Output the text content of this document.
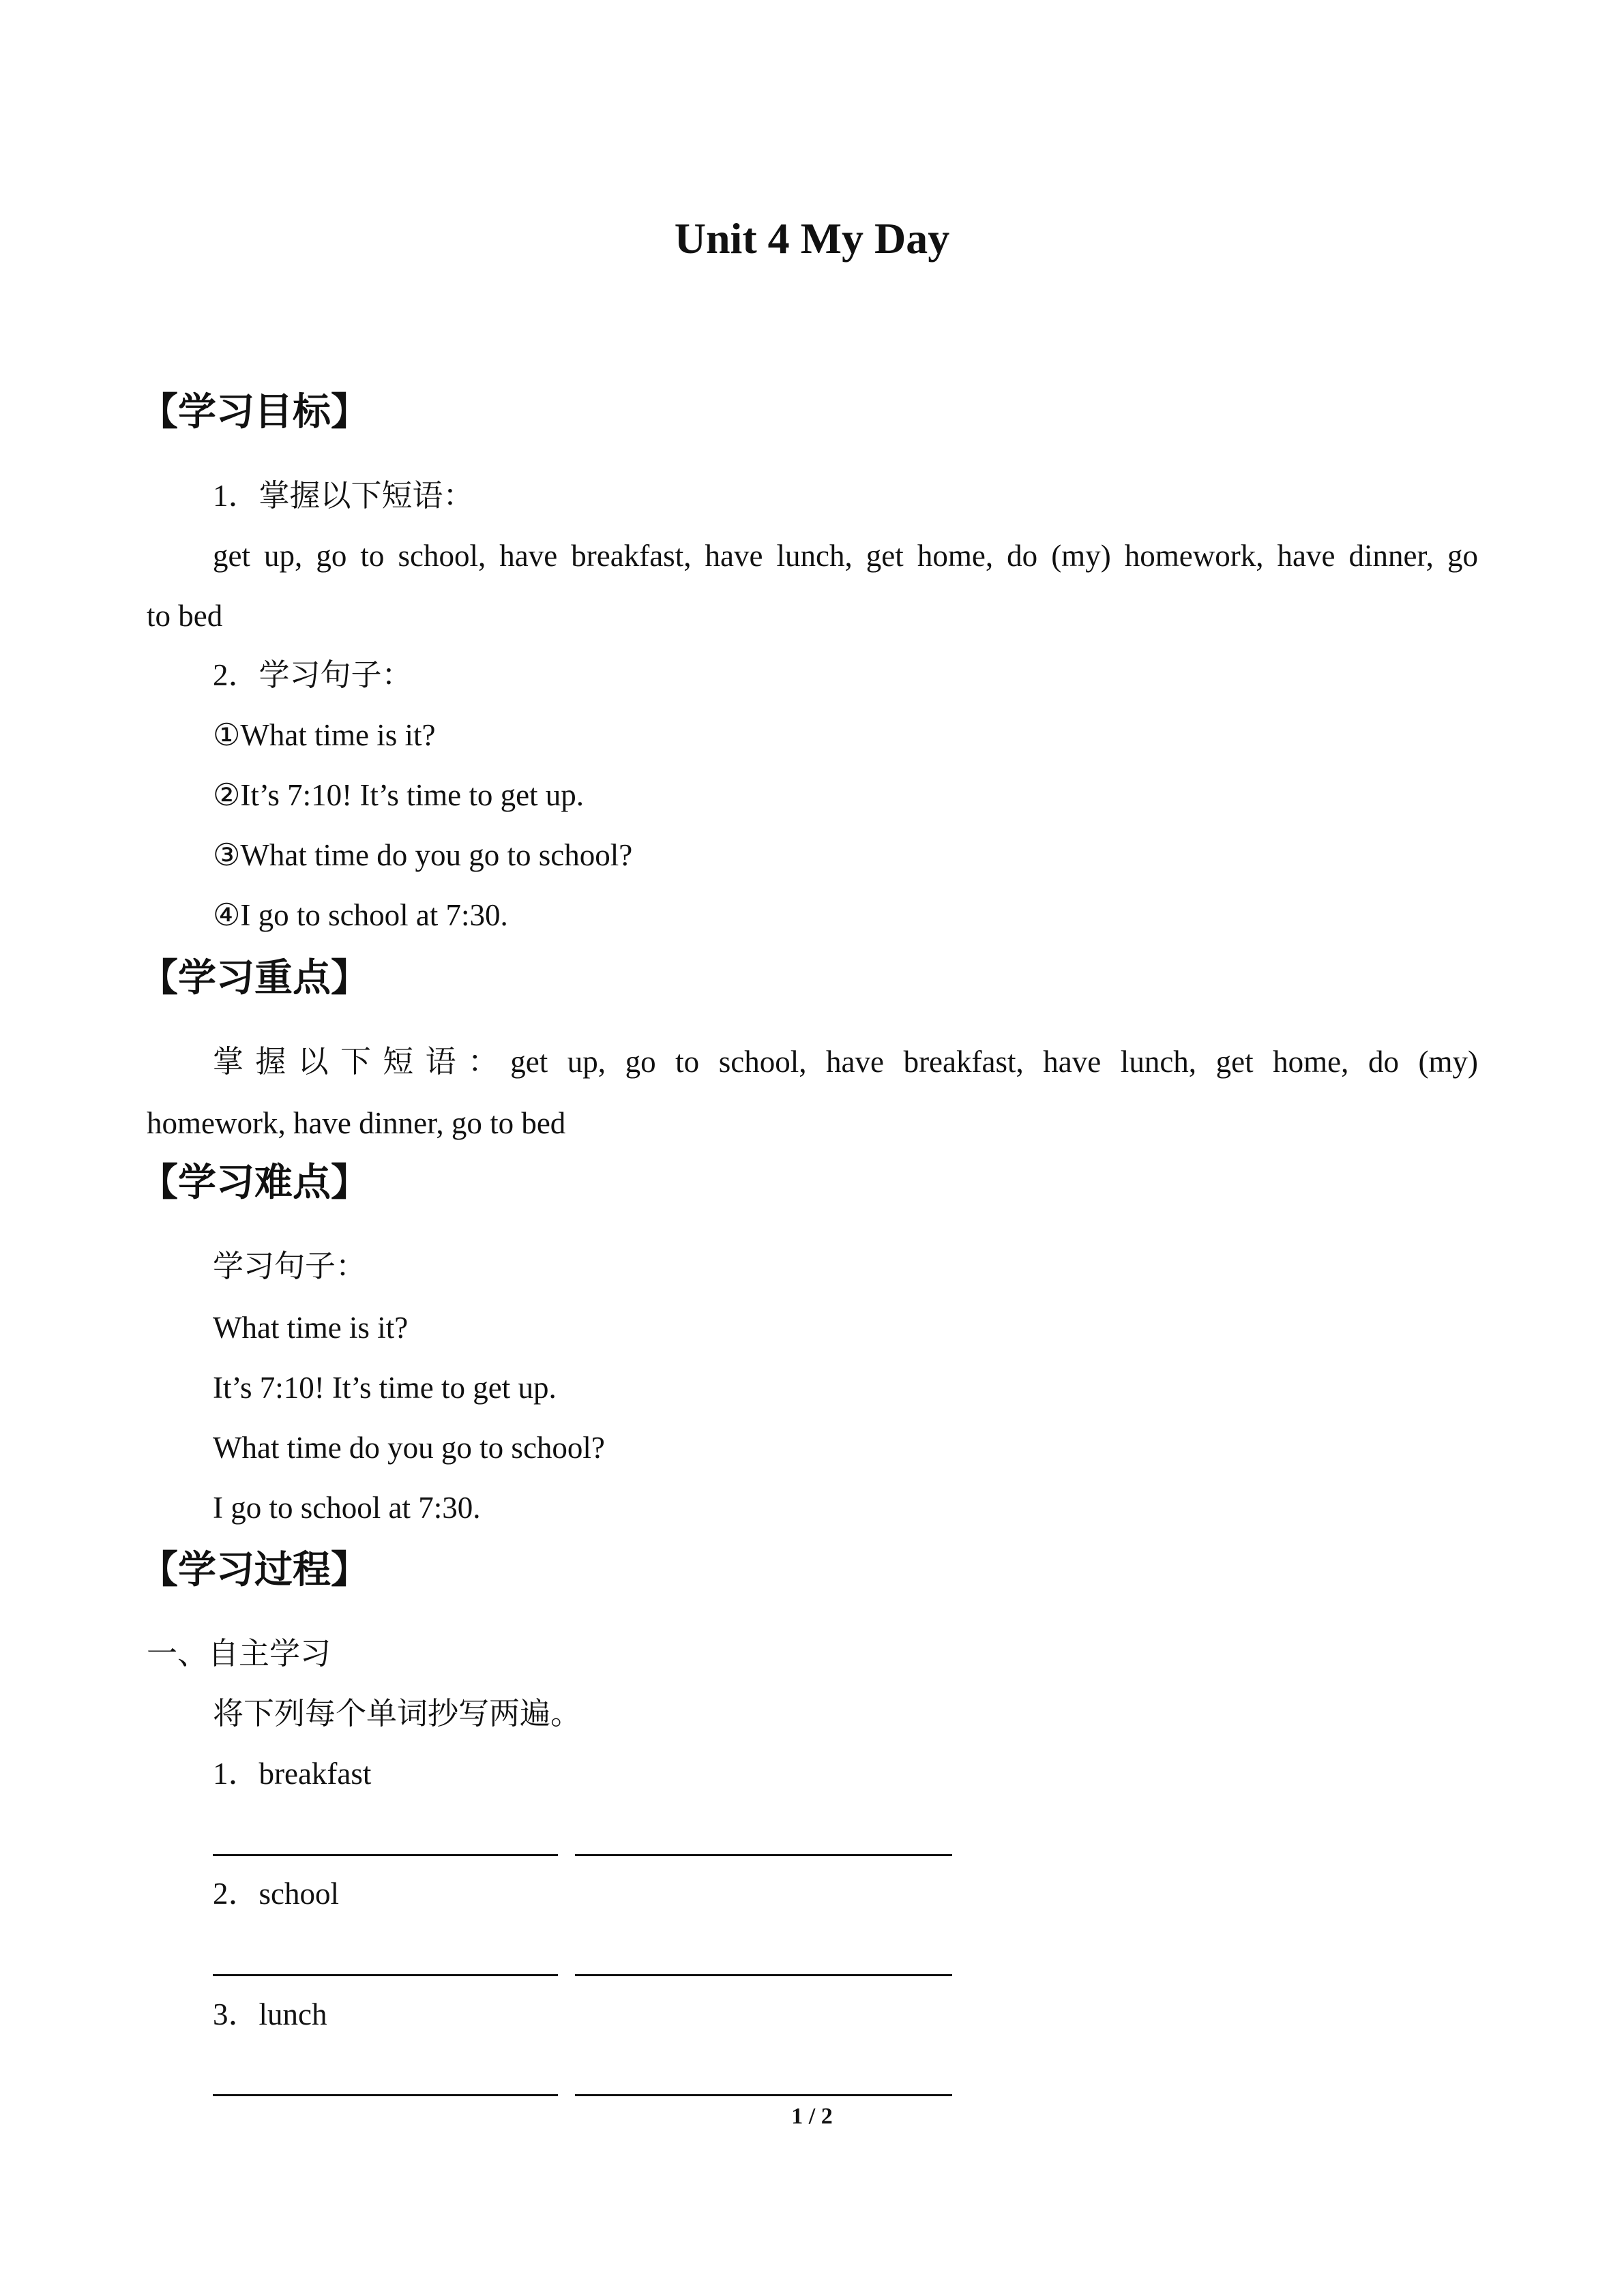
Unit 4 My Day
【学习目标】
1．掌握以下短语：
get up, go to school, have breakfast, have lunch, get home, do (my) homework, have dinner, go
to bed
2．学习句子：
①What time is it?
②It’s 7:10! It’s time to get up.
③What time do you go to school?
④I go to school at 7:30.
【学习重点】
掌握以下短语：get up, go to school, have breakfast, have lunch, get home, do (my)
homework, have dinner, go to bed
【学习难点】
学习句子：
What time is it?
It’s 7:10! It’s time to get up.
What time do you go to school?
I go to school at 7:30.
【学习过程】
一、自主学习
将下列每个单词抄写两遍。
1．breakfast
2．school
3．lunch
1 / 2
